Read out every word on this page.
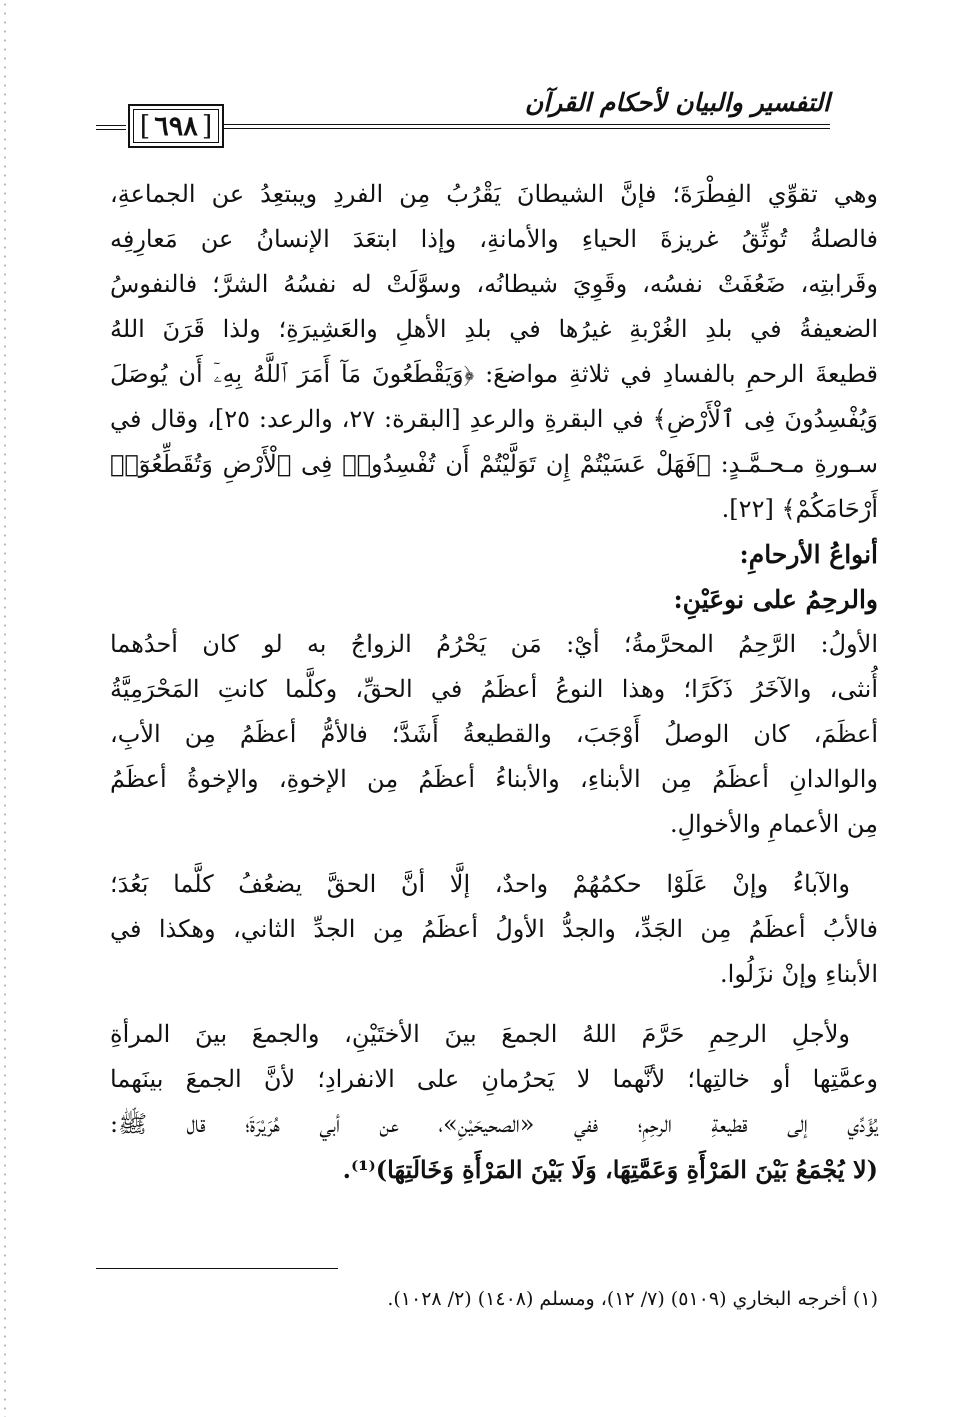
التفسير والبيان لأحكام القرآن
[
٦٩٨
]
وهي تقوِّي الفِطْرَةَ؛ فإنَّ الشيطانَ يَقْرُبُ مِن الفردِ ويبتعِدُ عن الجماعةِ،
فالصلةُ تُوثِّقُ غريزةَ الحياءِ والأمانةِ، وإذا ابتعَدَ الإنسانُ عن مَعارِفِه
وقَرابتِه، ضَعُفَتْ نفسُه، وقَوِيَ شيطانُه، وسوَّلَتْ له نفسُهُ الشرَّ؛ فالنفوسُ
الضعيفةُ في بلدِ الغُرْبةِ غيرُها في بلدِ الأهلِ والعَشِيرَةِ؛ ولذا قَرَنَ اللهُ
قطيعةَ الرحمِ بالفسادِ في ثلاثةِ مواضعَ: ﴿وَيَقْطَعُونَ مَآ أَمَرَ ٱللَّهُ بِهِۦٓ أَن يُوصَلَ
وَيُفْسِدُونَ فِى ٱلْأَرْضِ﴾ في البقرةِ والرعدِ [البقرة: ٢٧، والرعد: ٢٥]، وقال في
سـورةِ مـحـمَّـدٍ: ﴿فَهَلْ عَسَيْتُمْ إِن تَوَلَّيْتُمْ أَن تُفْسِدُوا۟ فِى ٱلْأَرْضِ وَتُقَطِّعُوٓا۟
أَرْحَامَكُمْ﴾ [٢٢].
أنواعُ الأرحامِ:
والرحِمُ على نوعَيْنِ:
الأولُ: الرَّحِمُ المحرَّمةُ؛ أيْ: مَن يَحْرُمُ الزواجُ به لو كان أحدُهما
أُنثى، والآخَرُ ذَكَرًا؛ وهذا النوعُ أعظَمُ في الحقِّ، وكلَّما كانتِ المَحْرَمِيَّةُ
أعظَمَ، كان الوصلُ أَوْجَبَ، والقطيعةُ أَشَدَّ؛ فالأمُّ أعظَمُ مِن الأبِ،
والوالدانِ أعظَمُ مِن الأبناءِ، والأبناءُ أعظَمُ مِن الإخوةِ، والإخوةُ أعظَمُ
مِن الأعمامِ والأخوالِ.
والآباءُ وإنْ عَلَوْا حكمُهُمْ واحدٌ، إلَّا أنَّ الحقَّ يضعُفُ كلَّما بَعُدَ؛
فالأبُ أعظَمُ مِن الجَدِّ، والجدُّ الأولُ أعظَمُ مِن الجدِّ الثاني، وهكذا في
الأبناءِ وإنْ نزَلُوا.
ولأجلِ الرحِمِ حَرَّمَ اللهُ الجمعَ بينَ الأختَيْنِ، والجمعَ بينَ المرأةِ
وعمَّتِها أو خالتِها؛ لأنَّهما لا يَحرُمانِ على الانفرادِ؛ لأنَّ الجمعَ بينَهما
يُؤَدِّي إلى قطيعةِ الرحِمِ؛ ففي «الصحيحَيْنِ»، عن أبي هُرَيْرَةَ؛ قال ﷺ:
(لا يُجْمَعُ بَيْنَ المَرْأَةِ وَعَمَّتِهَا، وَلَا بَيْنَ المَرْأَةِ وَخَالَتِهَا)⁽¹⁾.
(١) أخرجه البخاري (٥١٠٩) (٧/ ١٢)، ومسلم (١٤٠٨) (٢/ ١٠٢٨).
